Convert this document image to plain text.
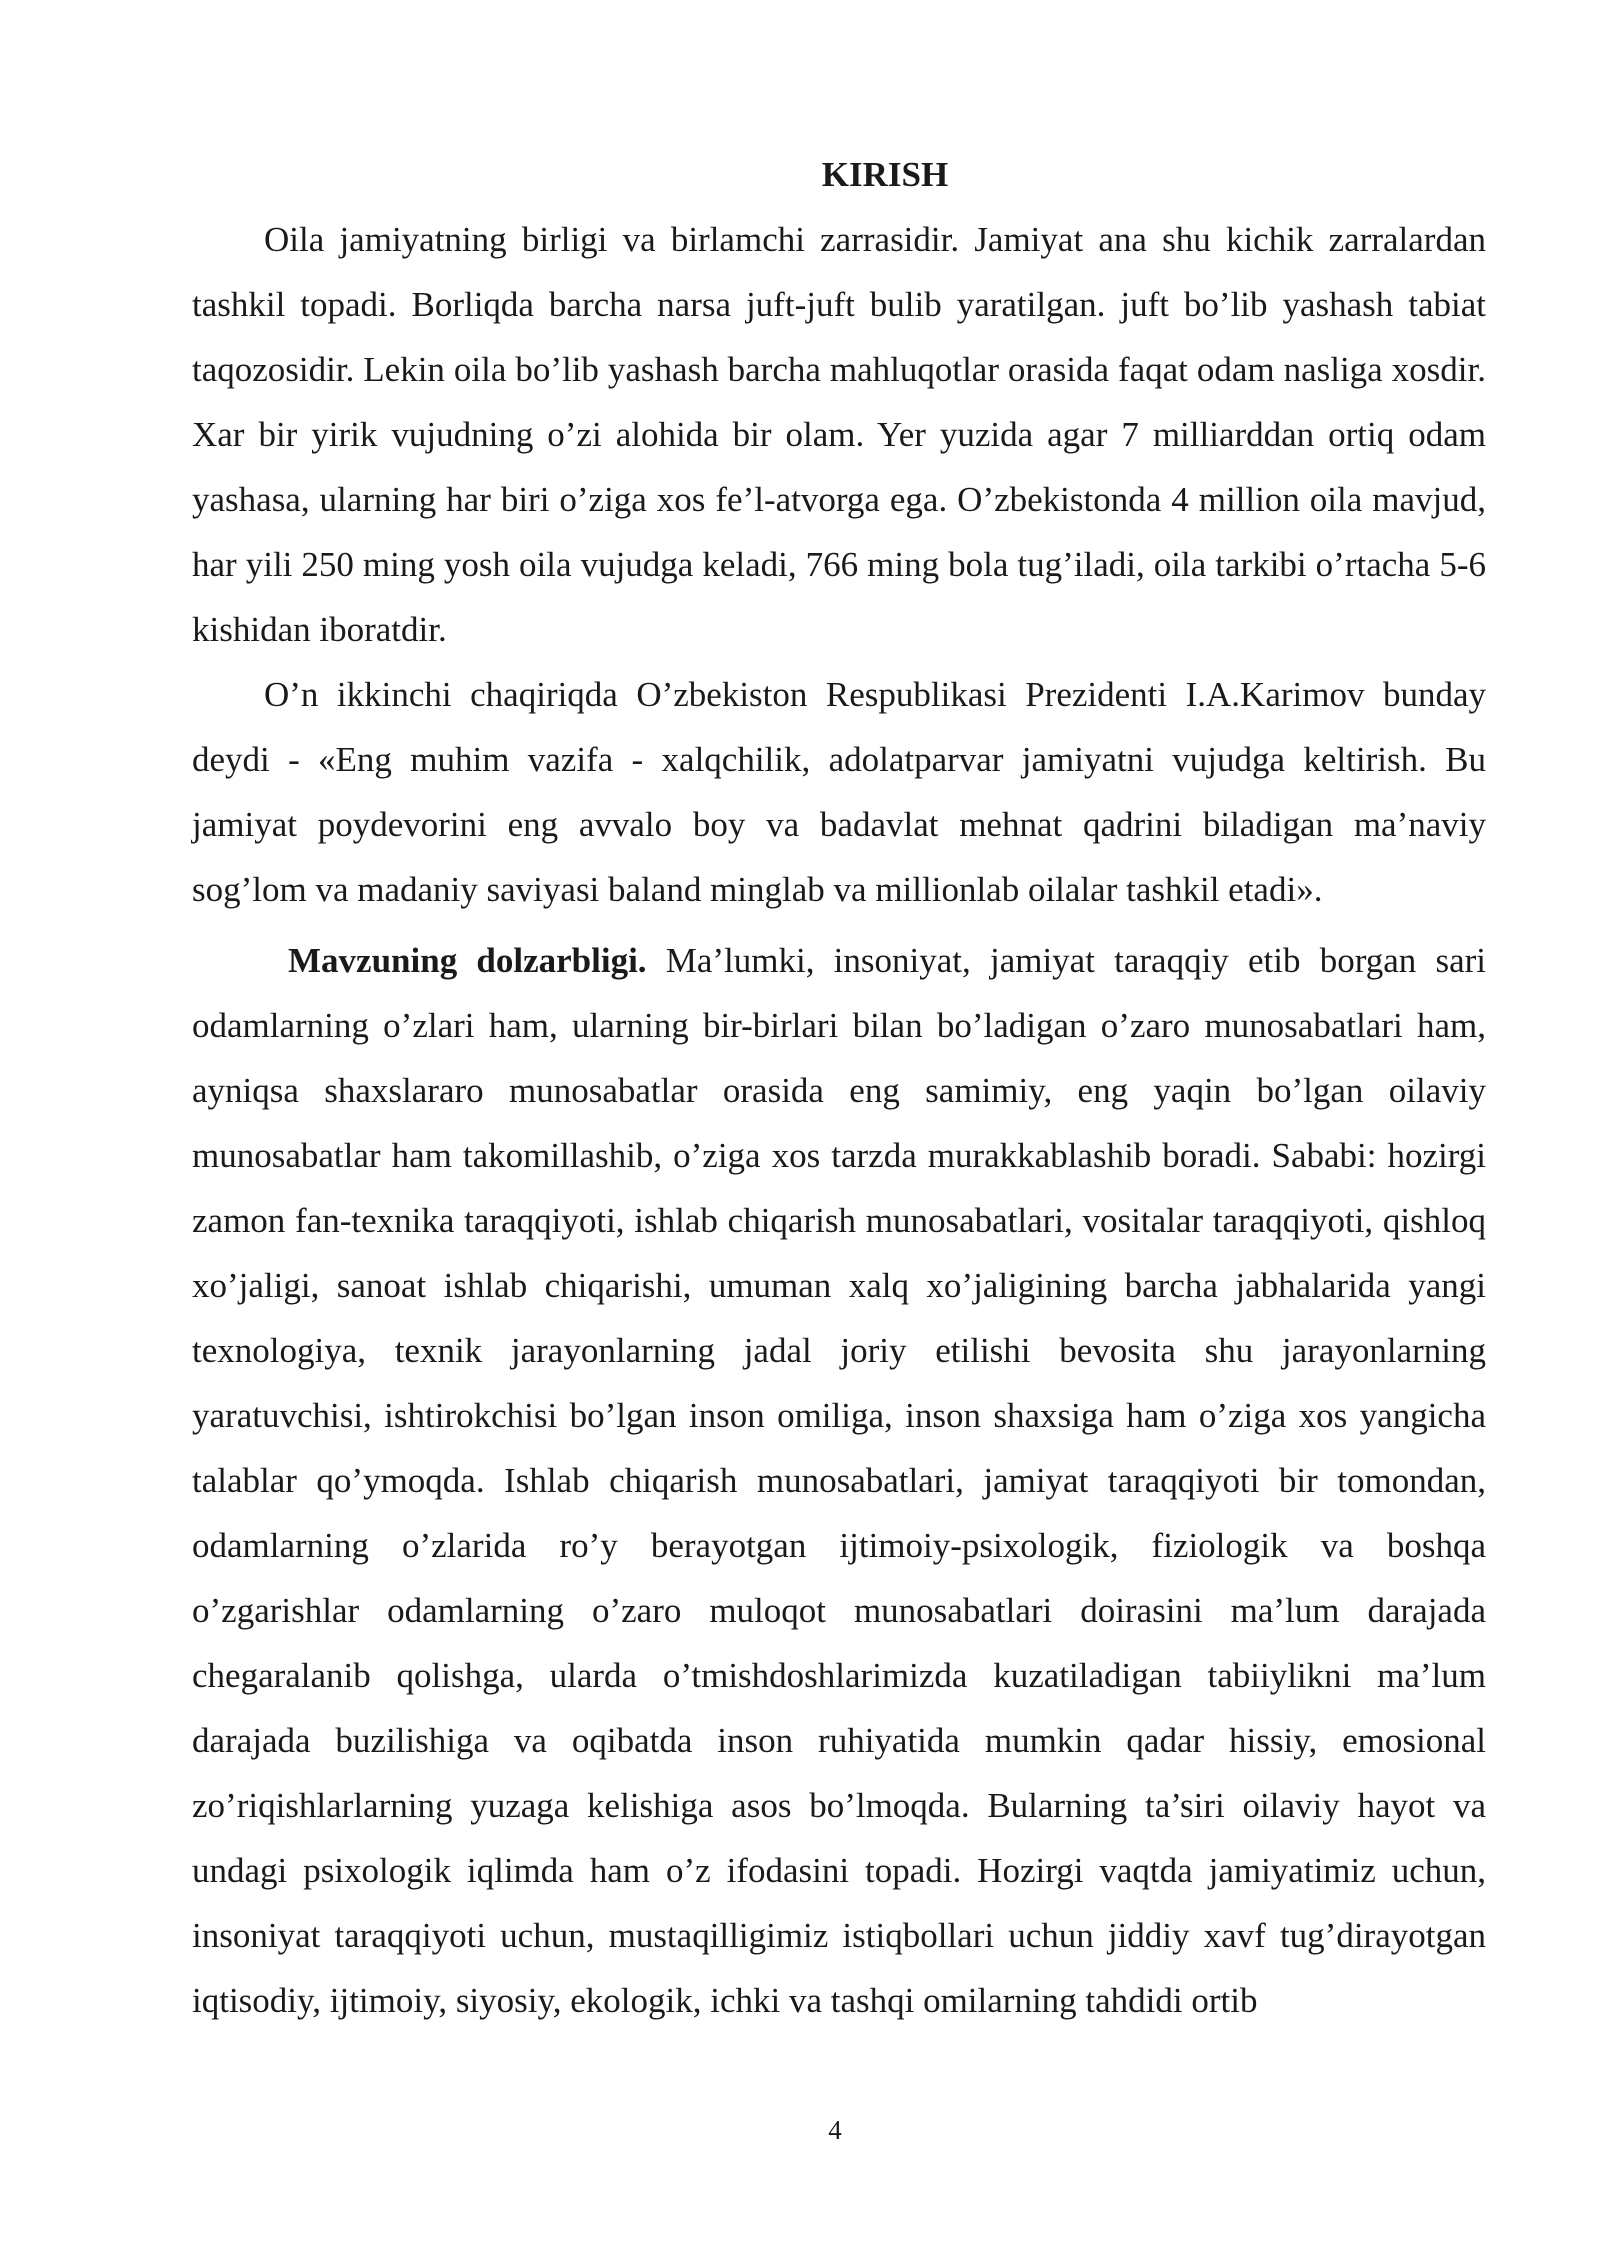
KIRISH

Oila jamiyatning birligi va birlamchi zarrasidir. Jamiyat ana shu kichik zarralardan tashkil topadi. Borliqda barcha narsa juft-juft bulib yaratilgan. juft bo’lib yashash tabiat taqozosidir. Lekin oila bo’lib yashash barcha mahluqotlar orasida faqat odam nasliga xosdir. Xar bir yirik vujudning o’zi alohida bir olam. Yer yuzida agar 7 milliarddan ortiq odam yashasa, ularning har biri o’ziga xos fe’l-atvorga ega. O’zbekistonda 4 million oila mavjud, har yili 250 ming yosh oila vujudga keladi, 766 ming bola tug’iladi, oila tarkibi o’rtacha 5-6 kishidan iboratdir.

O’n ikkinchi chaqiriqda O’zbekiston Respublikasi Prezidenti I.A.Karimov bunday deydi - «Eng muhim vazifa - xalqchilik, adolatparvar jamiyatni vujudga keltirish. Bu jamiyat poydevorini eng avvalo boy va badavlat mehnat qadrini biladigan ma’naviy sog’lom va madaniy saviyasi baland minglab va millionlab oilalar tashkil etadi».

Mavzuning dolzarbligi. Ma’lumki, insoniyat, jamiyat taraqqiy etib borgan sari odamlarning o’zlari ham, ularning bir-birlari bilan bo’ladigan o’zaro munosabatlari ham, ayniqsa shaxslararo munosabatlar orasida eng samimiy, eng yaqin bo’lgan oilaviy munosabatlar ham takomillashib, o’ziga xos tarzda murakkablashib boradi. Sababi: hozirgi zamon fan-texnika taraqqiyoti, ishlab chiqarish munosabatlari, vositalar taraqqiyoti, qishloq xo’jaligi, sanoat ishlab chiqarishi, umuman xalq xo’jaligining barcha jabhalarida yangi texnologiya, texnik jarayonlarning jadal joriy etilishi bevosita shu jarayonlarning yaratuvchisi, ishtirokchisi bo’lgan inson omiliga, inson shaxsiga ham o’ziga xos yangicha talablar qo’ymoqda. Ishlab chiqarish munosabatlari, jamiyat taraqqiyoti bir tomondan, odamlarning o’zlarida ro’y berayotgan ijtimoiy-psixologik, fiziologik va boshqa o’zgarishlar odamlarning o’zaro muloqot munosabatlari doirasini ma’lum darajada chegaralanib qolishga, ularda o’tmishdoshlarimizda kuzatiladigan tabiiylikni ma’lum darajada buzilishiga va oqibatda inson ruhiyatida mumkin qadar hissiy, emosional zo’riqishlarlarning yuzaga kelishiga asos bo’lmoqda. Bularning ta’siri oilaviy hayot va undagi psixologik iqlimda ham o’z ifodasini topadi. Hozirgi vaqtda jamiyatimiz uchun, insoniyat taraqqiyoti uchun, mustaqilligimiz istiqbollari uchun jiddiy xavf tug’dirayotgan iqtisodiy, ijtimoiy, siyosiy, ekologik, ichki va tashqi omilarning tahdidi ortib

4
